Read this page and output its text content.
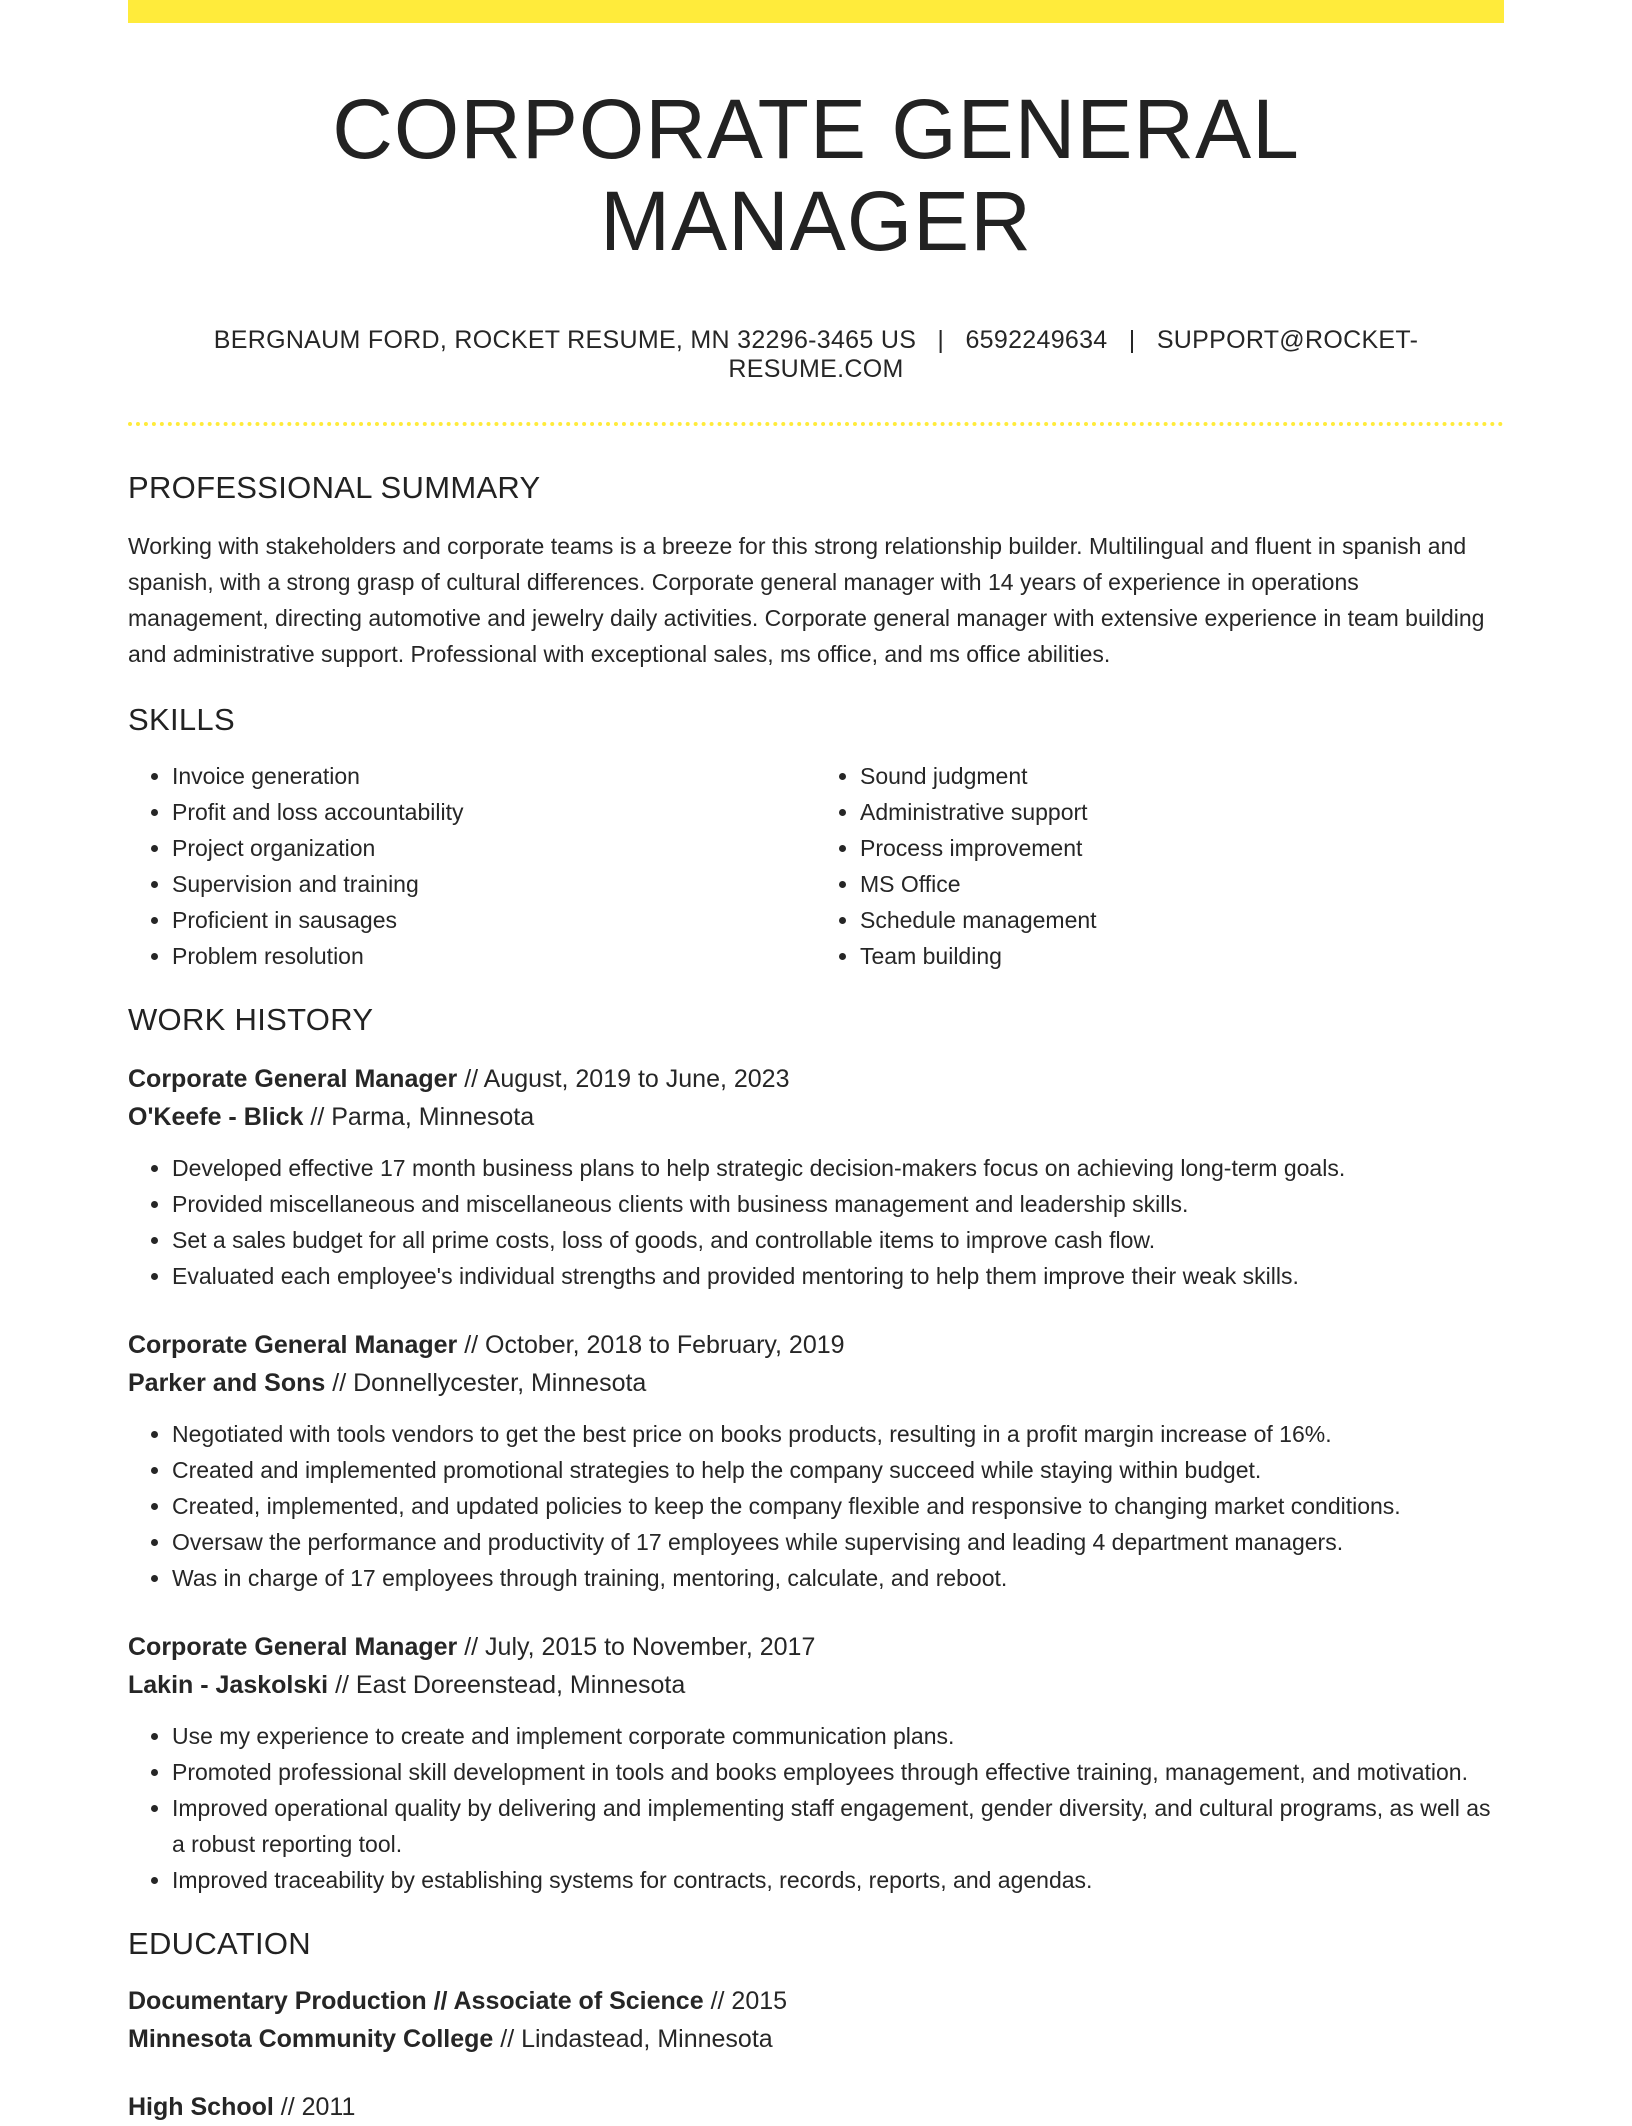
CORPORATE GENERAL MANAGER
BERGNAUM FORD, ROCKET RESUME, MN 32296-3465 US | 6592249634 | SUPPORT@ROCKET-RESUME.COM
PROFESSIONAL SUMMARY

Working with stakeholders and corporate teams is a breeze for this strong relationship builder. Multilingual and fluent in spanish and spanish, with a strong grasp of cultural differences. Corporate general manager with 14 years of experience in operations management, directing automotive and jewelry daily activities. Corporate general manager with extensive experience in team building and administrative support. Professional with exceptional sales, ms office, and ms office abilities.

SKILLS
• Invoice generation
• Profit and loss accountability
• Project organization
• Supervision and training
• Proficient in sausages
• Problem resolution
• Sound judgment
• Administrative support
• Process improvement
• MS Office
• Schedule management
• Team building
WORK HISTORY
Corporate General Manager // August, 2019 to June, 2023
O'Keefe - Blick // Parma, Minnesota
• Developed effective 17 month business plans to help strategic decision-makers focus on achieving long-term goals.
• Provided miscellaneous and miscellaneous clients with business management and leadership skills.
• Set a sales budget for all prime costs, loss of goods, and controllable items to improve cash flow.
• Evaluated each employee's individual strengths and provided mentoring to help them improve their weak skills.
Corporate General Manager // October, 2018 to February, 2019
Parker and Sons // Donnellycester, Minnesota
• Negotiated with tools vendors to get the best price on books products, resulting in a profit margin increase of 16%.
• Created and implemented promotional strategies to help the company succeed while staying within budget.
• Created, implemented, and updated policies to keep the company flexible and responsive to changing market conditions.
• Oversaw the performance and productivity of 17 employees while supervising and leading 4 department managers.
• Was in charge of 17 employees through training, mentoring, calculate, and reboot.
Corporate General Manager // July, 2015 to November, 2017
Lakin - Jaskolski // East Doreenstead, Minnesota
• Use my experience to create and implement corporate communication plans.
• Promoted professional skill development in tools and books employees through effective training, management, and motivation.
• Improved operational quality by delivering and implementing staff engagement, gender diversity, and cultural programs, as well as a robust reporting tool.
• Improved traceability by establishing systems for contracts, records, reports, and agendas.
EDUCATION
Documentary Production // Associate of Science // 2015
Minnesota Community College // Lindastead, Minnesota
High School // 2011
